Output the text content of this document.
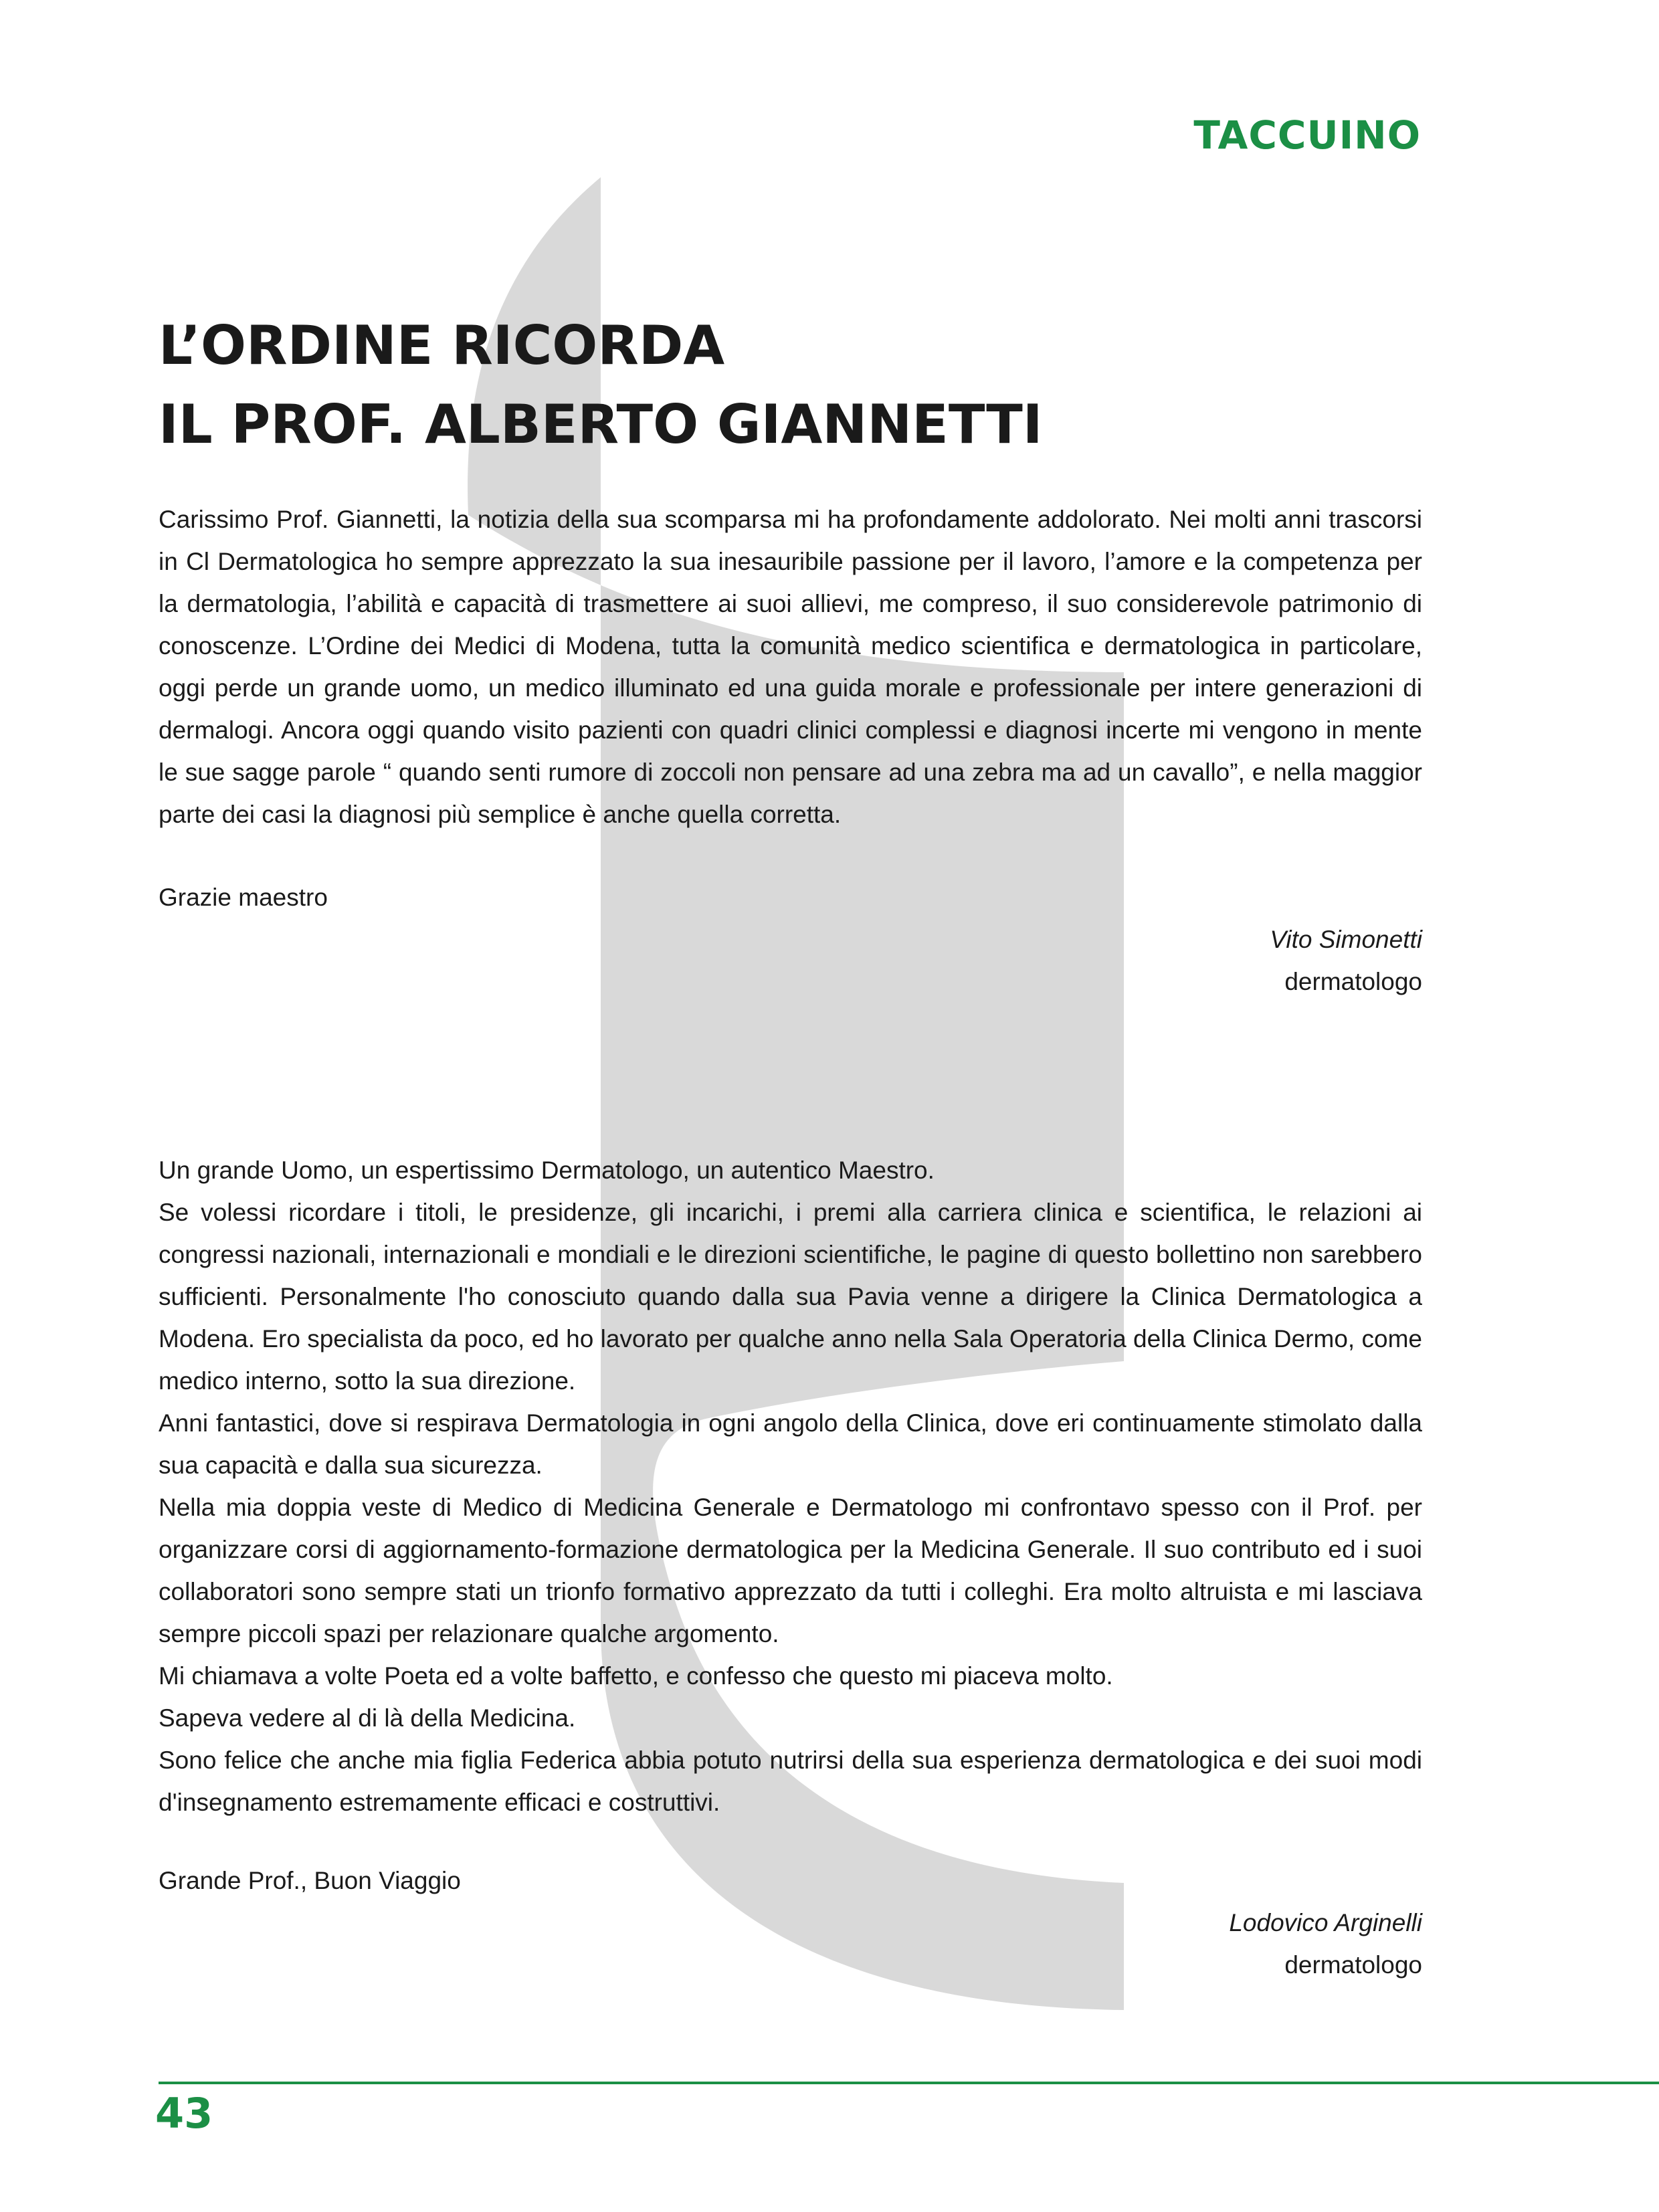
TACCUINO
L’ORDINE RICORDA
IL PROF. ALBERTO GIANNETTI

Carissimo Prof. Giannetti, la notizia della sua scomparsa mi ha profondamente addolorato. Nei molti anni trascorsi in Cl Dermatologica ho sempre apprezzato la sua inesauribile passione per il lavoro, l’amore e la competenza per la dermatologia, l’abilità e capacità di trasmettere ai suoi allievi, me compreso, il suo considerevole patrimonio di conoscenze. L’Ordine dei Medici di Modena, tutta la comunità medico scientifica e dermatologica in particolare, oggi perde un grande uomo, un medico illuminato ed una guida morale e professionale per intere generazioni di dermalogi. Ancora oggi quando visito pazienti con quadri clinici complessi e diagnosi incerte mi vengono in mente le sue sagge parole “ quando senti rumore di zoccoli non pensare ad una zebra ma ad un cavallo”, e nella maggior parte dei casi la diagnosi più semplice è anche quella corretta.

Grazie maestro

Vito Simonetti
dermatologo

Un grande Uomo, un espertissimo Dermatologo, un autentico Maestro.

Se volessi ricordare i titoli, le presidenze, gli incarichi, i premi alla carriera clinica e scientifica, le relazioni ai congressi nazionali, internazionali e mondiali e le direzioni scientifiche, le pagine di questo bollettino non sarebbero sufficienti. Personalmente l'ho conosciuto quando dalla sua Pavia venne a dirigere la Clinica Dermatologica a Modena. Ero specialista da poco, ed ho lavorato per qualche anno nella Sala Operatoria della Clinica Dermo, come medico interno, sotto la sua direzione.

Anni fantastici, dove si respirava Dermatologia in ogni angolo della Clinica, dove eri continuamente stimolato dalla sua capacità e dalla sua sicurezza.

Nella mia doppia veste di Medico di Medicina Generale e Dermatologo mi confrontavo spesso con il Prof. per organizzare corsi di aggiornamento-formazione dermatologica per la Medicina Generale. Il suo contributo ed i suoi collaboratori sono sempre stati un trionfo formativo apprezzato da tutti i colleghi. Era molto altruista e mi lasciava sempre piccoli spazi per relazionare qualche argomento.

Mi chiamava a volte Poeta ed a volte baffetto, e confesso che questo mi piaceva molto.

Sapeva vedere al di là della Medicina.

Sono felice che anche mia figlia Federica abbia potuto nutrirsi della sua esperienza dermatologica e dei suoi modi d'insegnamento estremamente efficaci e costruttivi.

Grande Prof., Buon Viaggio

Lodovico Arginelli
dermatologo
43
